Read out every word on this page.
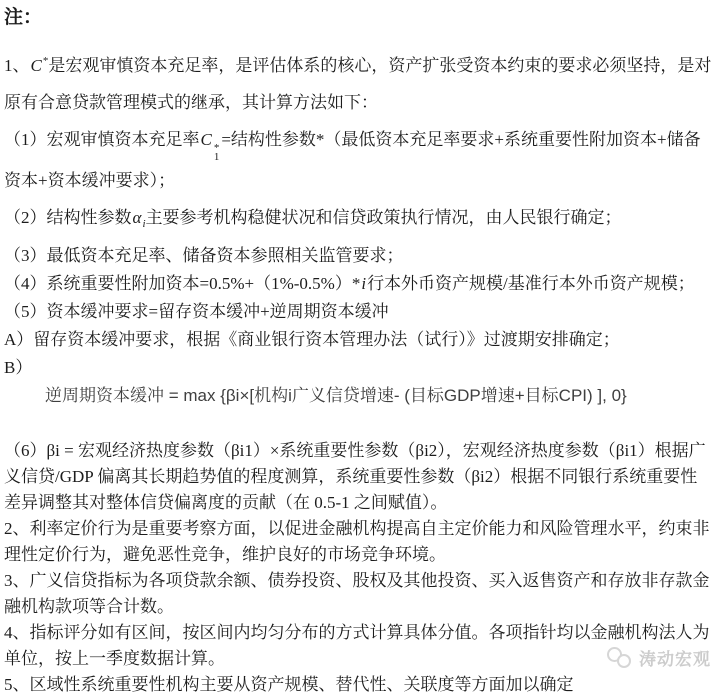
注：

1、C*是宏观审慎资本充足率，是评估体系的核心，资产扩张受资本约束的要求必须坚持，是对原有合意贷款管理模式的继承，其计算方法如下：

（1）宏观审慎资本充足率C *
1
=结构性参数*（最低资本充足率要求+系统重要性附加资本+储备资本+资本缓冲要求）；

（2）结构性参数$\alpha_i$主要参考机构稳健状况和信贷政策执行情况，由人民银行确定；

（3）最低资本充足率、储备资本参照相关监管要求；

（4）系统重要性附加资本=0.5%+（1%-0.5%）*i行本外币资产规模/基准行本外币资产规模；

（5）资本缓冲要求=留存资本缓冲+逆周期资本缓冲

A）留存资本缓冲要求，根据《商业银行资本管理办法（试行）》过渡期安排确定；

B）

逆周期资本缓冲 = max {βi×[机构i广义信贷增速- (目标GDP增速+目标CPI) ], 0}

（6）βi = 宏观经济热度参数（βi1）×系统重要性参数（βi2），宏观经济热度参数（βi1）根据广义信贷/GDP 偏离其长期趋势值的程度测算，系统重要性参数（βi2）根据不同银行系统重要性差异调整其对整体信贷偏离度的贡献（在 0.5-1 之间赋值）。

2、利率定价行为是重要考察方面，以促进金融机构提高自主定价能力和风险管理水平，约束非理性定价行为，避免恶性竞争，维护良好的市场竞争环境。

3、广义信贷指标为各项贷款余额、债券投资、股权及其他投资、买入返售资产和存放非存款金融机构款项等合计数。

4、指标评分如有区间，按区间内均匀分布的方式计算具体分值。各项指针均以金融机构法人为单位，按上一季度数据计算。

5、区域性系统重要性机构主要从资产规模、替代性、关联度等方面加以确定

涛动宏观
